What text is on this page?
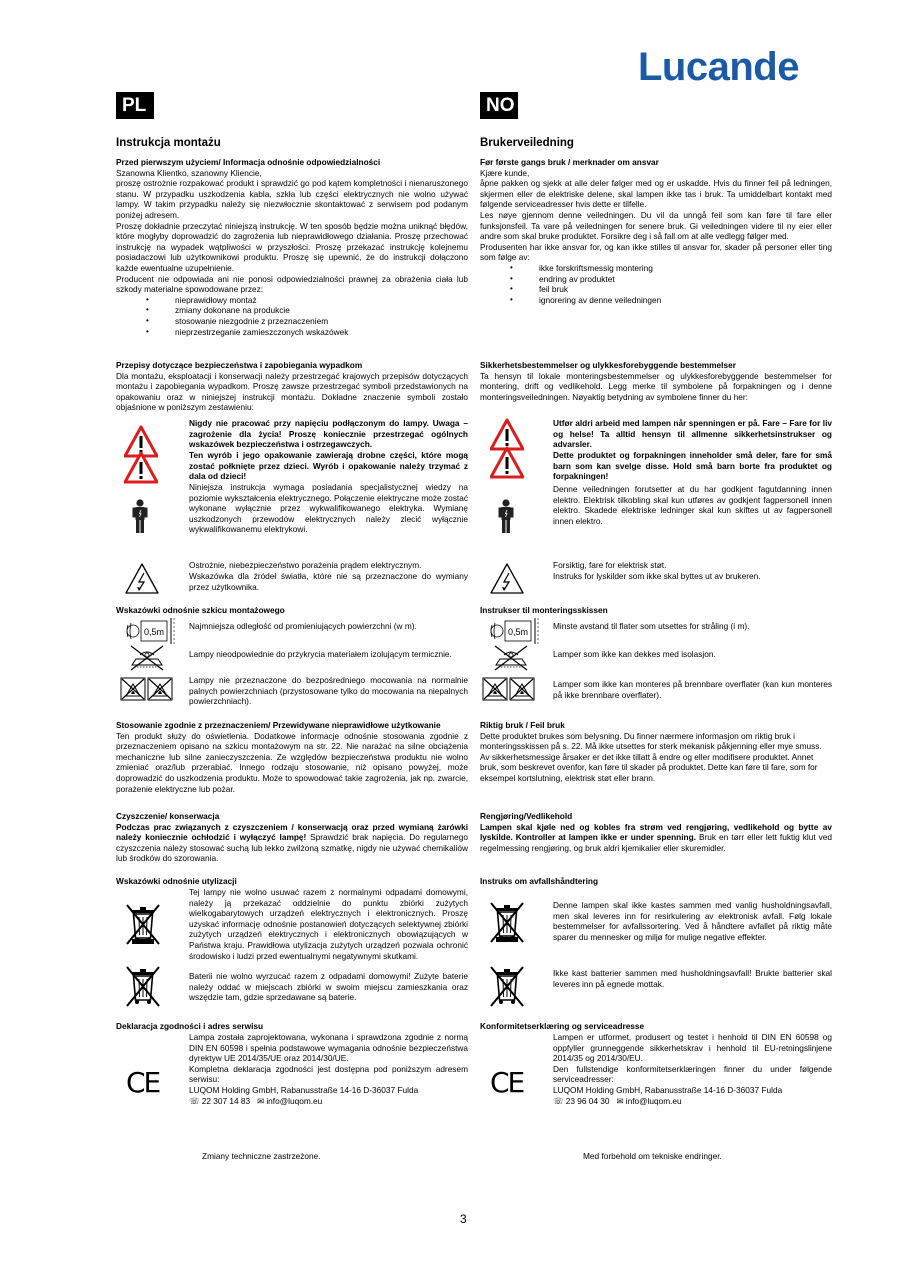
Lucande
PL	NO
Instrukcja montażu
Przed pierwszym użyciem/ Informacja odnośnie odpowiedzialności
Szanowna Klientko, szanowny Kliencie,
proszę ostrożnie rozpakować produkt i sprawdzić go pod kątem kompletności i nienaruszonego stanu. W przypadku uszkodzenia kabla, szkła lub części elektrycznych nie wolno używać lampy. W takim przypadku należy się niezwłocznie skontaktować z serwisem pod podanym poniżej adresem.
Proszę dokładnie przeczytać niniejszą instrukcję. W ten sposób będzie można uniknąć błędów, które mogłyby doprowadzić do zagrożenia lub nieprawidłowego działania. Proszę przechować instrukcję na wypadek wątpliwości w przyszłości. Proszę przekazać instrukcję kolejnemu posiadaczowi lub użytkownikowi produktu. Proszę się upewnić, że do instrukcji dołączono każde ewentualne uzupełnienie.
Producent nie odpowiada ani nie ponosi odpowiedzialności prawnej za obrażenia ciała lub szkody materialne spowodowane przez:
• nieprawidłowy montaż
• zmiany dokonane na produkcie
• stosowanie niezgodnie z przeznaczeniem
• nieprzestrzeganie zamieszczonych wskazówek
Przepisy dotyczące bezpieczeństwa i zapobiegania wypadkom
Dla montażu, eksploatacji i konserwacji należy przestrzegać krajowych przepisów dotyczących montażu i zapobiegania wypadkom. Proszę zawsze przestrzegać symboli przedstawionych na opakowaniu oraz w niniejszej instrukcji montażu. Dokładne znaczenie symboli zostało objaśnione w poniższym zestawieniu:
Nigdy nie pracować przy napięciu podłączonym do lampy. Uwaga – zagrożenie dla życia! Proszę koniecznie przestrzegać ogólnych wskazówek bezpieczeństwa i ostrzegawczych.
Ten wyrób i jego opakowanie zawierają drobne części, które mogą zostać połknięte przez dzieci. Wyrób i opakowanie należy trzymać z dala od dzieci!
Niniejsza instrukcja wymaga posiadania specjalistycznej wiedzy na poziomie wykształcenia elektrycznego. Połączenie elektryczne może zostać wykonane wyłącznie przez wykwalifikowanego elektryka. Wymianę uszkodzonych przewodów elektrycznych należy zlecić wyłącznie wykwalifikowanemu elektrykowi.
Ostrożnie, niebezpieczeństwo porażenia prądem elektrycznym.
Wskazówka dla źródeł światła, które nie są przeznaczone do wymiany przez użytkownika.
Wskazówki odnośnie szkicu montażowego
0,5m
Najmniejsza odległość od promieniujących powierzchni (w m).
Lampy nieodpowiednie do przykrycia materiałem izolującym termicznie.
Lampy nie przeznaczone do bezpośredniego mocowania na normalnie palnych powierzchniach (przystosowane tylko do mocowania na niepalnych powierzchniach).
Stosowanie zgodnie z przeznaczeniem/ Przewidywane nieprawidłowe użytkowanie
Ten produkt służy do oświetlenia. Dodatkowe informacje odnośnie stosowania zgodnie z przeznaczeniem opisano na szkicu montażowym na str. 22. Nie narażać na silne obciążenia mechaniczne lub silne zanieczyszczenia. Ze względów bezpieczeństwa produktu nie wolno zmieniać oraz/lub przerabiać. Innego rodzaju stosowanie, niż opisano powyżej, może doprowadzić do uszkodzenia produktu. Może to spowodować takie zagrożenia, jak np. zwarcie, porażenie elektryczne lub pożar.
Czyszczenie/ konserwacja
Podczas prac związanych z czyszczeniem / konserwacją oraz przed wymianą żarówki należy koniecznie ochłodzić i wyłączyć lampę! Sprawdzić brak napięcia. Do regularnego czyszczenia należy stosować suchą lub lekko zwilżoną szmatkę, nigdy nie używać chemikaliów lub środków do szorowania.
Wskazówki odnośnie utylizacji
Tej lampy nie wolno usuwać razem z normalnymi odpadami domowymi, należy ją przekazać oddzielnie do punktu zbiórki zużytych wielkogabarytowych urządzeń elektrycznych i elektronicznych. Proszę uzyskać informację odnośnie postanowień dotyczących selektywnej zbiórki zużytych urządzeń elektrycznych i elektronicznych obowiązujących w Państwa kraju. Prawidłowa utylizacja zużytych urządzeń pozwala ochronić środowisko i ludzi przed ewentualnymi negatywnymi skutkami.
Baterii nie wolno wyrzucać razem z odpadami domowymi! Zużyte baterie należy oddać w miejscach zbiórki w swoim miejscu zamieszkania oraz wszędzie tam, gdzie sprzedawane są baterie.
Deklaracja zgodności i adres serwisu
CE
Lampa została zaprojektowana, wykonana i sprawdzona zgodnie z normą DIN EN 60598 i spełnia podstawowe wymagania odnośnie bezpieczeństwa dyrektyw UE 2014/35/UE oraz 2014/30/UE.
Kompletna deklaracja zgodności jest dostępna pod poniższym adresem serwisu:
LUQOM Holding GmbH, Rabanusstraße 14-16 D-36037 Fulda
☏ 22 307 14 83 ✉ info@luqom.eu
Zmiany techniczne zastrzeżone.
Brukerveiledning
Før første gangs bruk / merknader om ansvar
Kjære kunde,
åpne pakken og sjekk at alle deler følger med og er uskadde. Hvis du finner feil på ledningen, skjermen eller de elektriske delene, skal lampen ikke tas i bruk. Ta umiddelbart kontakt med følgende serviceadresser hvis dette er tilfelle.
Les nøye gjennom denne veiledningen. Du vil da unngå feil som kan føre til fare eller funksjonsfeil. Ta vare på veiledningen for senere bruk. Gi veiledningen videre til ny eier eller andre som skal bruke produktet. Forsikre deg i så fall om at alle vedlegg følger med.
Produsenten har ikke ansvar for, og kan ikke stilles til ansvar for, skader på personer eller ting som følge av:
• ikke forskriftsmessig montering
• endring av produktet
• feil bruk
• ignorering av denne veiledningen
Sikkerhetsbestemmelser og ulykkesforebyggende bestemmelser
Ta hensyn til lokale monteringsbestemmelser og ulykkesforebyggende bestemmelser for montering, drift og vedlikehold. Legg merke til symbolene på forpakningen og i denne monteringsveiledningen. Nøyaktig betydning av symbolene finner du her:
Utfør aldri arbeid med lampen når spenningen er på. Fare – Fare for liv og helse! Ta alltid hensyn til allmenne sikkerhetsinstrukser og advarsler.
Dette produktet og forpakningen inneholder små deler, fare for små barn som kan svelge disse. Hold små barn borte fra produktet og forpakningen!
Denne veiledningen forutsetter at du har godkjent fagutdanning innen elektro. Elektrisk tilkobling skal kun utføres av godkjent fagpersonell innen elektro. Skadede elektriske ledninger skal kun skiftes ut av fagpersonell innen elektro.
Forsiktig, fare for elektrisk støt.
Instruks for lyskilder som ikke skal byttes ut av brukeren.
Instrukser til monteringsskissen
0,5m
Minste avstand til flater som utsettes for stråling (i m).
Lamper som ikke kan dekkes med isolasjon.
Lamper som ikke kan monteres på brennbare overflater (kan kun monteres på ikke brennbare overflater).
Riktig bruk / Feil bruk
Dette produktet brukes som belysning. Du finner nærmere informasjon om riktig bruk i
monteringsskissen på s. 22. Må ikke utsettes for sterk mekanisk påkjenning eller mye smuss.
Av sikkerhetsmessige årsaker er det ikke tillatt å endre og eller modifisere produktet. Annet
bruk, som beskrevet ovenfor, kan føre til skader på produktet. Dette kan føre til fare, som for
eksempel kortslutning, elektrisk støt eller brann.
Rengjøring/Vedlikehold
Lampen skal kjøle ned og kobles fra strøm ved rengjøring, vedlikehold og bytte av lyskilde. Kontroller at lampen ikke er under spenning. Bruk en tørr eller lett fuktig klut ved regelmessing rengjøring, og bruk aldri kjemikalier eller skuremidler.
Instruks om avfallshåndtering
Denne lampen skal ikke kastes sammen med vanlig husholdningsavfall, men skal leveres inn for resirkulering av elektronisk avfall. Følg lokale bestemmelser for avfallssortering. Ved å håndtere avfallet på riktig måte sparer du mennesker og miljø for mulige negative effekter.
Ikke kast batterier sammen med husholdningsavfall! Brukte batterier skal leveres inn på egnede mottak.
Konformitetserklæring og serviceadresse
CE
Lampen er utformet, produsert og testet i henhold til DIN EN 60598 og oppfyller grunneggende sikkerhetskrav i henhold til EU-retningslinjene 2014/35 og 2014/30/EU.
Den fullstendige konformitetserklæringen finner du under følgende serviceadresser:
LUQOM Holding GmbH, Rabanusstraße 14-16 D-36037 Fulda
☏ 23 96 04 30 ✉ info@luqom.eu
Med forbehold om tekniske endringer.
3
